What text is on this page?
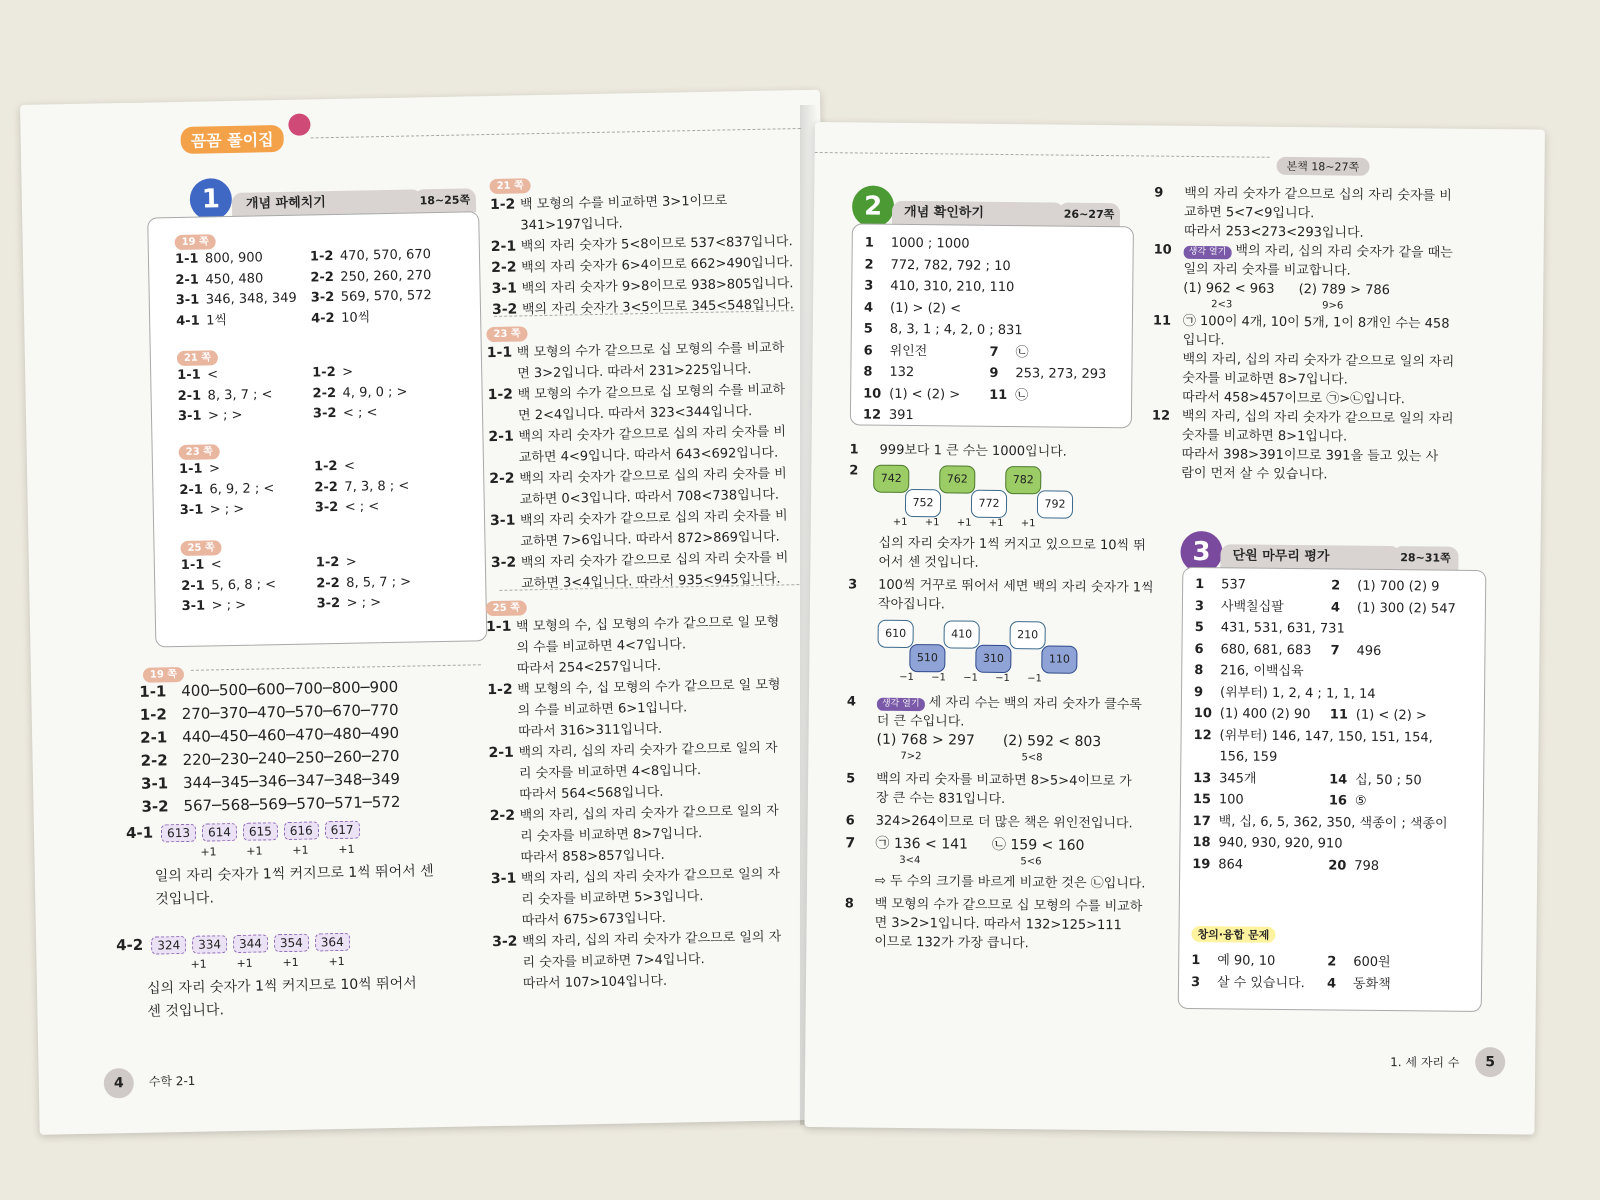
꼼꼼 풀이집
1	개념 파헤치기	18~25쪽
19 쪽
1-1 800, 900	1-2 470, 570, 670
2-1 450, 480	2-2 250, 260, 270
3-1 346, 348, 349 3-2 569, 570, 572
4-1 1씩	4-2 10씩
21 쪽
1-1 <	1-2 >
2-1 8, 3, 7 ; <	2-2 4, 9, 0 ; >
3-1 > ; >	3-2 < ; <
23 쪽
1-1 >	1-2 <
2-1 6, 9, 2 ; <	2-2 7, 3, 8 ; <
3-1 > ; >	3-2 < ; <
25 쪽
1-1 <	1-2 >
2-1 5, 6, 8 ; <	2-2 8, 5, 7 ; >
3-1 > ; >	3-2 > ; >
19 쪽
1-1 400─500─600─700─800─900
1-2 270─370─470─570─670─770
2-1 440─450─460─470─480─490
2-2 220─230─240─250─260─270
3-1 344─345─346─347─348─349
3-2 567─568─569─570─571─572
4-1 613 614 615 616 617
+1	+1	+1	+1
일의 자리 숫자가 1씩 커지므로 1씩 뛰어서 센
것입니다.
4-2 324 334 344 354 364
+1	+1	+1	+1
십의 자리 숫자가 1씩 커지므로 10씩 뛰어서
센 것입니다.
21 쪽
1-2 백 모형의 수를 비교하면 3>1이므로
341>197입니다.
2-1 백의 자리 숫자가 5<8이므로 537<837입니다.
2-2 백의 자리 숫자가 6>4이므로 662>490입니다.
3-1 백의 자리 숫자가 9>8이므로 938>805입니다.
3-2 백의 자리 숫자가 3<5이므로 345<548입니다.
23 쪽
1-1 백 모형의 수가 같으므로 십 모형의 수를 비교하
면 3>2입니다. 따라서 231>225입니다.
1-2 백 모형의 수가 같으므로 십 모형의 수를 비교하
면 2<4입니다. 따라서 323<344입니다.
2-1 백의 자리 숫자가 같으므로 십의 자리 숫자를 비
교하면 4<9입니다. 따라서 643<692입니다.
2-2 백의 자리 숫자가 같으므로 십의 자리 숫자를 비
교하면 0<3입니다. 따라서 708<738입니다.
3-1 백의 자리 숫자가 같으므로 십의 자리 숫자를 비
교하면 7>6입니다. 따라서 872>869입니다.
3-2 백의 자리 숫자가 같으므로 십의 자리 숫자를 비
교하면 3<4입니다. 따라서 935<945입니다.
25 쪽
1-1 백 모형의 수, 십 모형의 수가 같으므로 일 모형
의 수를 비교하면 4<7입니다.
따라서 254<257입니다.
1-2 백 모형의 수, 십 모형의 수가 같으므로 일 모형
의 수를 비교하면 6>1입니다.
따라서 316>311입니다.
2-1 백의 자리, 십의 자리 숫자가 같으므로 일의 자
리 숫자를 비교하면 4<8입니다.
따라서 564<568입니다.
2-2 백의 자리, 십의 자리 숫자가 같으므로 일의 자
리 숫자를 비교하면 8>7입니다.
따라서 858>857입니다.
3-1 백의 자리, 십의 자리 숫자가 같으므로 일의 자
리 숫자를 비교하면 5>3입니다.
따라서 675>673입니다.
3-2 백의 자리, 십의 자리 숫자가 같으므로 일의 자
리 숫자를 비교하면 7>4입니다.
따라서 107>104입니다.
4	수학 2-1
본책 18~27쪽
2	개념 확인하기	26~27쪽
1 1000 ; 1000
2 772, 782, 792 ; 10
3 410, 310, 210, 110
4 (1) > (2) <
5 8, 3, 1 ; 4, 2, 0 ; 831
6 위인전	7 ㉡
8 132	9 253, 273, 293
10 (1) < (2) > 11 ㉡
12 391
1 999보다 1 큰 수는 1000입니다.
2	742	762	782
752	772	792
+1 +1 +1 +1 +1
십의 자리 숫자가 1씩 커지고 있으므로 10씩 뛰
어서 센 것입니다.
3 100씩 거꾸로 뛰어서 세면 백의 자리 숫자가 1씩
작아집니다.
610	410	210
510	310	110
−1 −1 −1 −1 −1
4	생각 열기 세 자리 수는 백의 자리 숫자가 클수록
더 큰 수입니다.
(1) 768 > 297 (2) 592 < 803
7>2	5<8
5 백의 자리 숫자를 비교하면 8>5>4이므로 가
장 큰 수는 831입니다.
6 324>264이므로 더 많은 책은 위인전입니다.
7 ㉠ 136 < 141 ㉡ 159 < 160
3<4	5<6
⇨ 두 수의 크기를 바르게 비교한 것은 ㉡입니다.
8 백 모형의 수가 같으므로 십 모형의 수를 비교하
면 3>2>1입니다. 따라서 132>125>111
이므로 132가 가장 큽니다.
9 백의 자리 숫자가 같으므로 십의 자리 숫자를 비
교하면 5<7<9입니다.
따라서 253<273<293입니다.
10 생각 열기 백의 자리, 십의 자리 숫자가 같을 때는
일의 자리 숫자를 비교합니다.
(1) 962 < 963 (2) 789 > 786
2<3	9>6
11 ㉠ 100이 4개, 10이 5개, 1이 8개인 수는 458
입니다.
백의 자리, 십의 자리 숫자가 같으므로 일의 자리
숫자를 비교하면 8>7입니다.
따라서 458>457이므로 ㉠>㉡입니다.
12 백의 자리, 십의 자리 숫자가 같으므로 일의 자리
숫자를 비교하면 8>1입니다.
따라서 398>391이므로 391을 들고 있는 사
람이 먼저 살 수 있습니다.
3	단원 마무리 평가	28~31쪽
1 537	2 (1) 700 (2) 9
3 사백칠십팔	4 (1) 300 (2) 547
5 431, 531, 631, 731
6 680, 681, 683 7 496
8 216, 이백십육
9 (위부터) 1, 2, 4 ; 1, 1, 14
10 (1) 400 (2) 90 11 (1) < (2) >
12 (위부터) 146, 147, 150, 151, 154,
156, 159
13 345개	14 십, 50 ; 50
15 100	16 ⑤
17 백, 십, 6, 5, 362, 350, 색종이 ; 색종이
18 940, 930, 920, 910
19 864	20 798
창의·융합 문제
1 예 90, 10	2 600원
3 살 수 있습니다. 4 동화책
1. 세 자리 수	5
